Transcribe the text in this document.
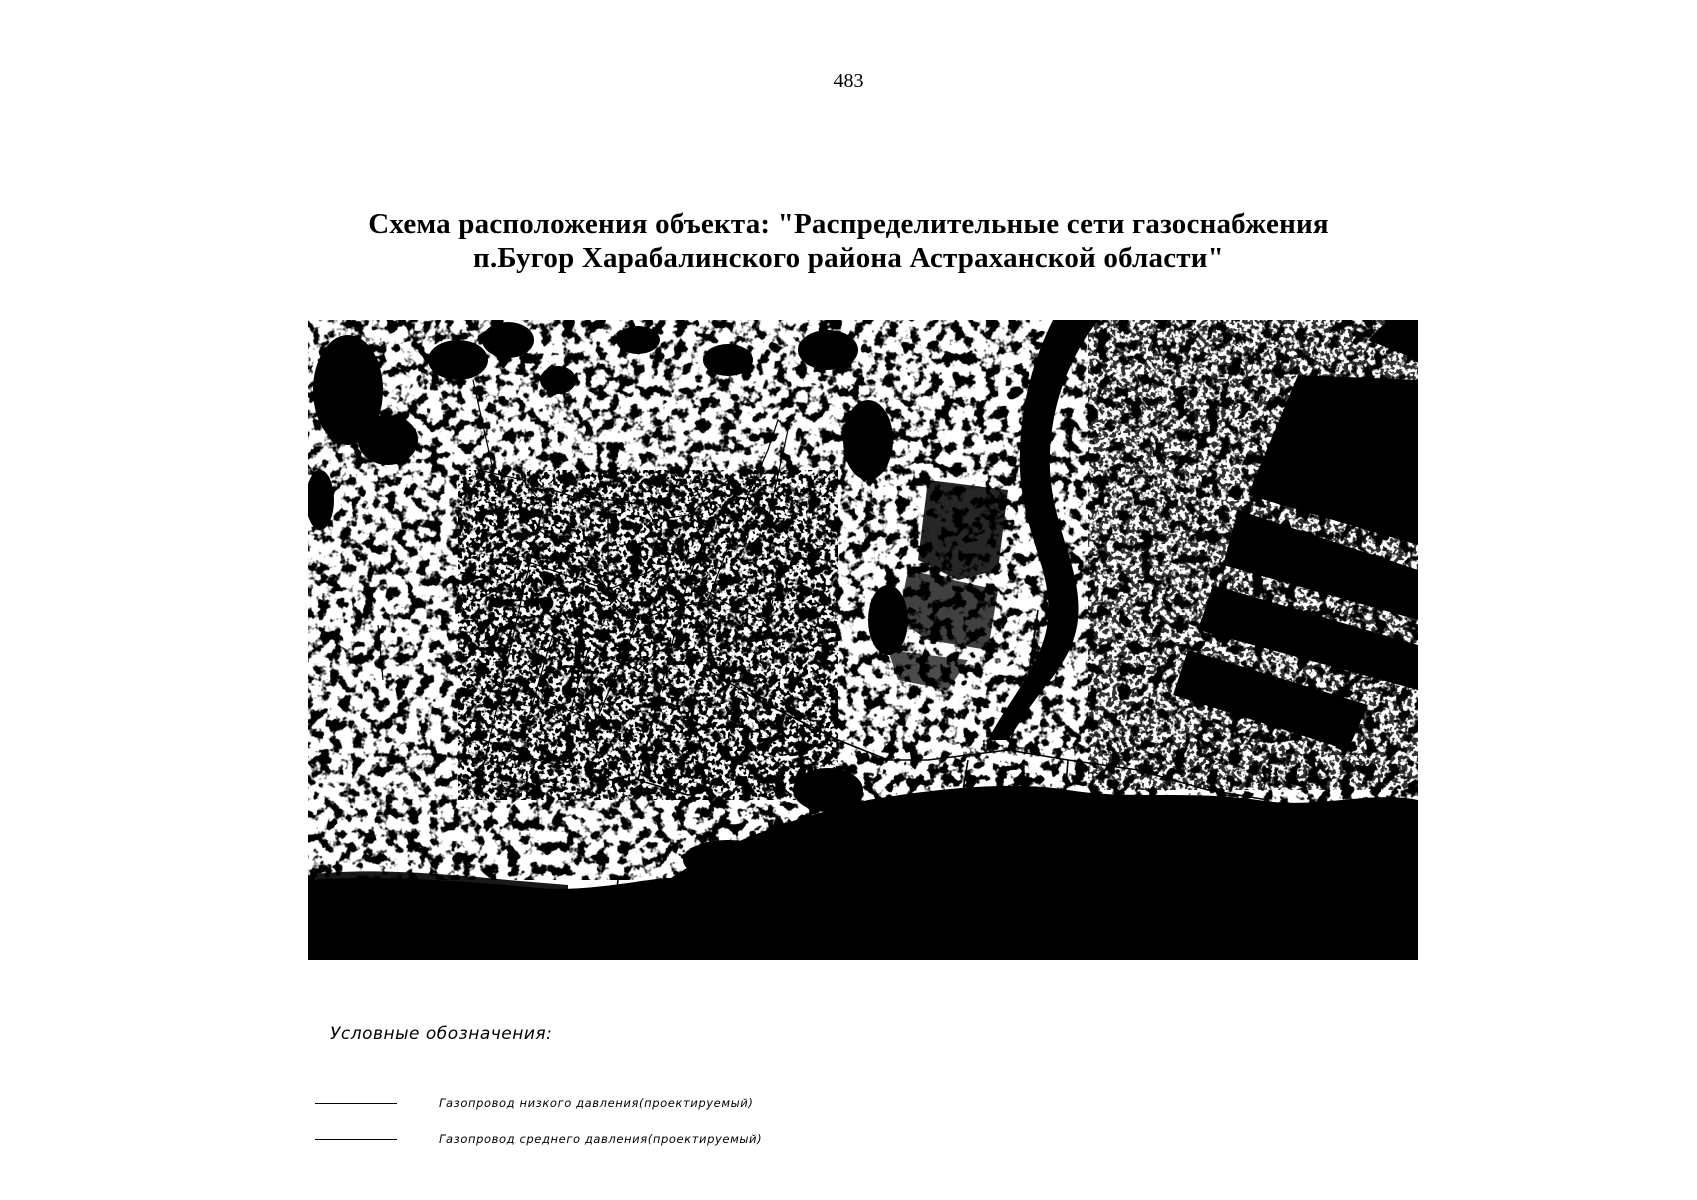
483
Схема расположения объекта: "Распределительные сети газоснабжения
п.Бугор Харабалинского района Астраханской области"
Условные обозначения:
Газопровод низкого давления(проектируемый)
Газопровод среднего давления(проектируемый)
